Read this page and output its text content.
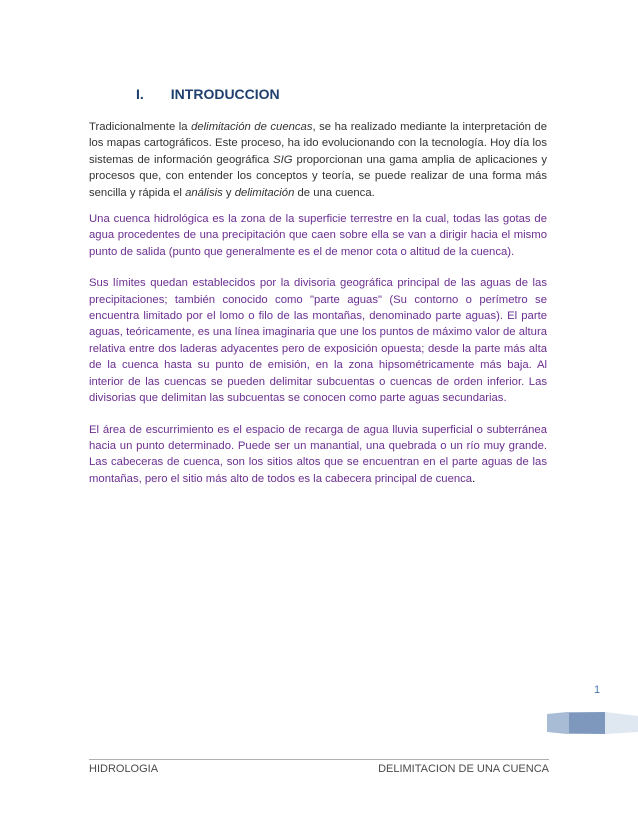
I. INTRODUCCION

Tradicionalmente la delimitación de cuencas, se ha realizado mediante la interpretación de los mapas cartográficos. Este proceso, ha ido evolucionando con la tecnología. Hoy día los sistemas de información geográfica SIG proporcionan una gama amplia de aplicaciones y procesos que, con entender los conceptos y teoría, se puede realizar de una forma más sencilla y rápida el análisis y delimitación de una cuenca.

Una cuenca hidrológica es la zona de la superficie terrestre en la cual, todas las gotas de agua procedentes de una precipitación que caen sobre ella se van a dirigir hacia el mismo punto de salida (punto que generalmente es el de menor cota o altitud de la cuenca).

Sus límites quedan establecidos por la divisoria geográfica principal de las aguas de las precipitaciones; también conocido como "parte aguas" (Su contorno o perímetro se encuentra limitado por el lomo o filo de las montañas, denominado parte aguas). El parte aguas, teóricamente, es una línea imaginaria que une los puntos de máximo valor de altura relativa entre dos laderas adyacentes pero de exposición opuesta; desde la parte más alta de la cuenca hasta su punto de emisión, en la zona hipsométricamente más baja. Al interior de las cuencas se pueden delimitar subcuentas o cuencas de orden inferior. Las divisorias que delimitan las subcuentas se conocen como parte aguas secundarias.

El área de escurrimiento es el espacio de recarga de agua lluvia superficial o subterránea hacia un punto determinado. Puede ser un manantial, una quebrada o un río muy grande. Las cabeceras de cuenca, son los sitios altos que se encuentran en el parte aguas de las montañas, pero el sitio más alto de todos es la cabecera principal de cuenca.

1
HIDROLOGIA	DELIMITACION DE UNA CUENCA
